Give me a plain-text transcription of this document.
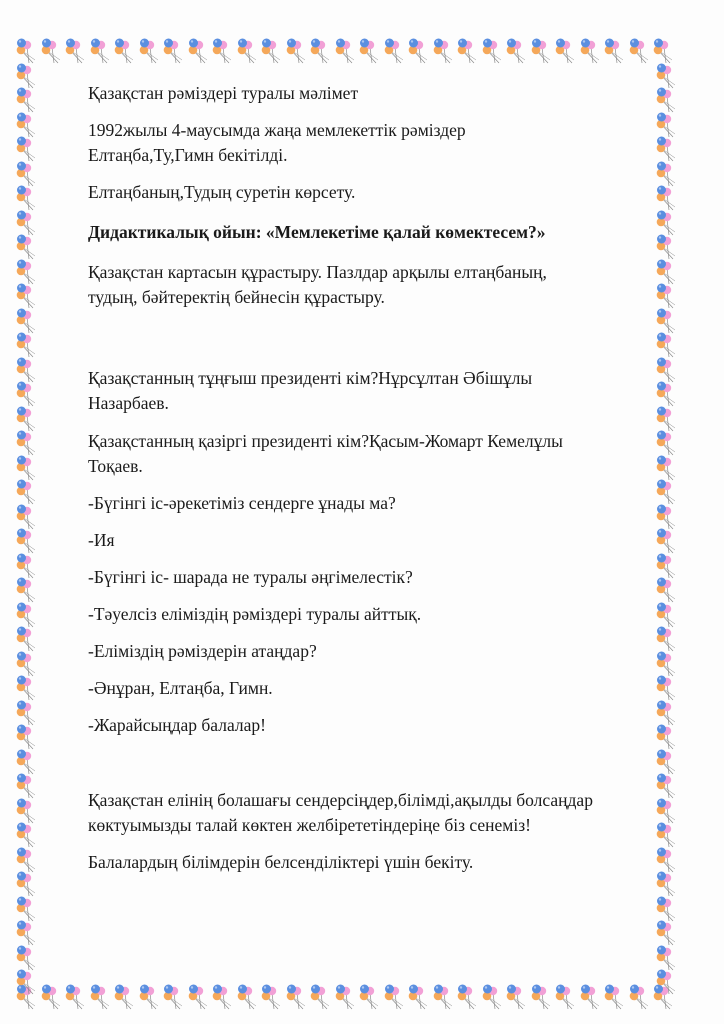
Қазақстан рәміздері туралы мәлімет
1992жылы 4-маусымда жаңа мемлекеттік рәміздер
Елтаңба,Ту,Гимн бекітілді.
Елтаңбаның,Тудың суретін көрсету.
Дидактикалық ойын: «Мемлекетіме қалай көмектесем?»
Қазақстан картасын құрастыру. Пазлдар арқылы елтаңбаның,
тудың, бәйтеректің бейнесін құрастыру.
Қазақстанның тұңғыш президенті кім?Нұрсұлтан Әбішұлы
Назарбаев.
Қазақстанның қазіргі президенті кім?Қасым-Жомарт Кемелұлы
Тоқаев.
-Бүгінгі іс-әрекетіміз сендерге ұнады ма?
-Ия
-Бүгінгі іс- шарада не туралы әңгімелестік?
-Тәуелсіз еліміздің рәміздері туралы айттық.
-Еліміздің рәміздерін атаңдар?
-Әнұран, Елтаңба, Гимн.
-Жарайсыңдар балалар!
Қазақстан елінің болашағы сендерсіңдер,білімді,ақылды болсаңдар
көктуымызды талай көктен желбірететіндеріңе біз сенеміз!
Балалардың білімдерін белсенділіктері үшін бекіту.
